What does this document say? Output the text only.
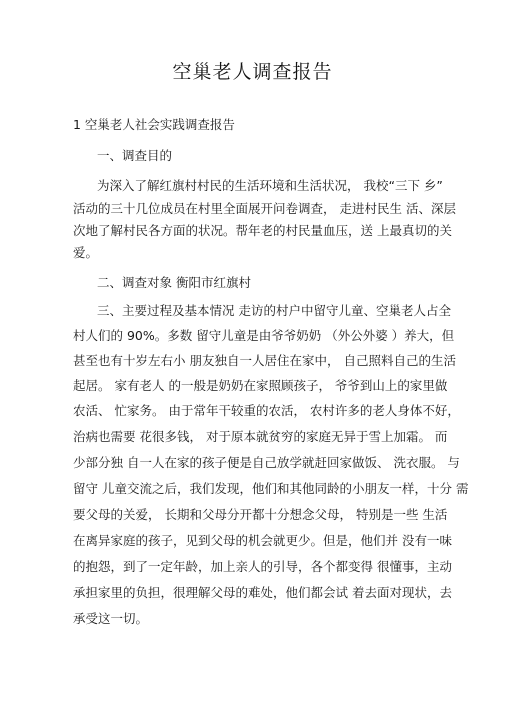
空巢老人调查报告
1 空巢老人社会实践调查报告
一、调查目的
为深入了解红旗村村民的生活环境和生活状况， 我校“三下 乡”
活动的三十几位成员在村里全面展开问卷调查， 走进村民生 活、深层
次地了解村民各方面的状况。帮年老的村民量血压，送 上最真切的关
爱。
二、调查对象 衡阳市红旗村
三、主要过程及基本情况 走访的村户中留守儿童、空巢老人占全
村人们的 90%。多数 留守儿童是由爷爷奶奶 （外公外婆 ）养大，但
甚至也有十岁左右小 朋友独自一人居住在家中， 自己照料自己的生活
起居。 家有老人 的一般是奶奶在家照顾孩子， 爷爷到山上的家里做
农活、 忙家务。 由于常年干较重的农活， 农村许多的老人身体不好，
治病也需要 花很多钱， 对于原本就贫穷的家庭无异于雪上加霜。 而
少部分独 自一人在家的孩子便是自己放学就赶回家做饭、 洗衣服。 与
留守 儿童交流之后，我们发现，他们和其他同龄的小朋友一样，十分 需
要父母的关爱， 长期和父母分开都十分想念父母， 特别是一些 生活
在离异家庭的孩子，见到父母的机会就更少。但是，他们并 没有一味
的抱怨，到了一定年龄，加上亲人的引导，各个都变得 很懂事，主动
承担家里的负担，很理解父母的难处，他们都会试 着去面对现状，去
承受这一切。
